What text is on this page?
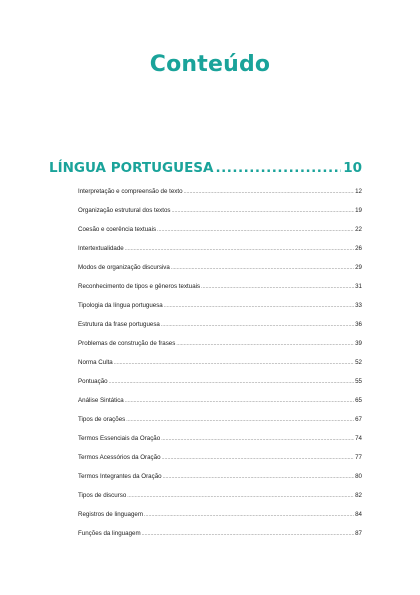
Conteúdo
LÍNGUA PORTUGUESA .....	10
Interpretação e compreensão de texto .....	12
Organização estrutural dos textos .....	19
Coesão e coerência textuais .....	22
Intertextualidade .....	26
Modos de organização discursiva .....	29
Reconhecimento de tipos e gêneros textuais .....	31
Tipologia da língua portuguesa .....	33
Estrutura da frase portuguesa .....	36
Problemas de construção de frases .....	39
Norma Culta .....	52
Pontuação .....	55
Análise Sintática .....	65
Tipos de orações .....	67
Termos Essenciais da Oração .....	74
Termos Acessórios da Oração .....	77
Termos Integrantes da Oração .....	80
Tipos de discurso .....	82
Registros de linguagem .....	84
Funções da linguagem .....	87
